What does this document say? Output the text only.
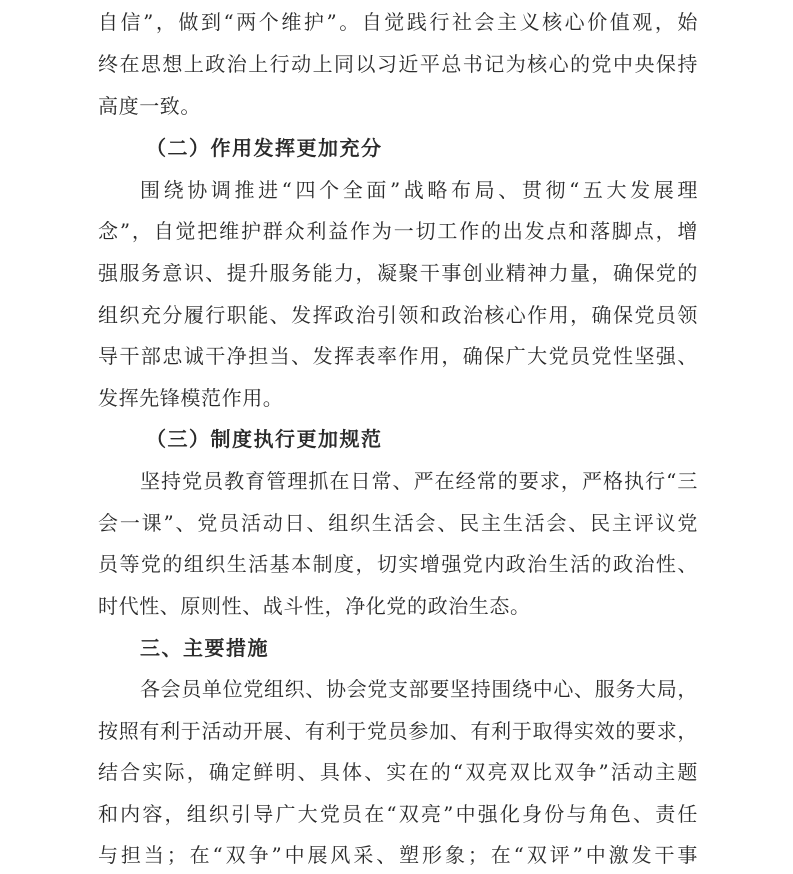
自信”，做到“两个维护”。自觉践行社会主义核心价值观，始
终在思想上政治上行动上同以习近平总书记为核心的党中央保持
高度一致。
（二）作用发挥更加充分
围绕协调推进“四个全面”战略布局、贯彻“五大发展理
念”，自觉把维护群众利益作为一切工作的出发点和落脚点，增
强服务意识、提升服务能力，凝聚干事创业精神力量，确保党的
组织充分履行职能、发挥政治引领和政治核心作用，确保党员领
导干部忠诚干净担当、发挥表率作用，确保广大党员党性坚强、
发挥先锋模范作用。
（三）制度执行更加规范
坚持党员教育管理抓在日常、严在经常的要求，严格执行“三
会一课”、党员活动日、组织生活会、民主生活会、民主评议党
员等党的组织生活基本制度，切实增强党内政治生活的政治性、
时代性、原则性、战斗性，净化党的政治生态。
三、主要措施
各会员单位党组织、协会党支部要坚持围绕中心、服务大局，
按照有利于活动开展、有利于党员参加、有利于取得实效的要求，
结合实际，确定鲜明、具体、实在的“双亮双比双争”活动主题
和内容，组织引导广大党员在“双亮”中强化身份与角色、责任
与担当；在“双争”中展风采、塑形象；在“双评”中激发干事
